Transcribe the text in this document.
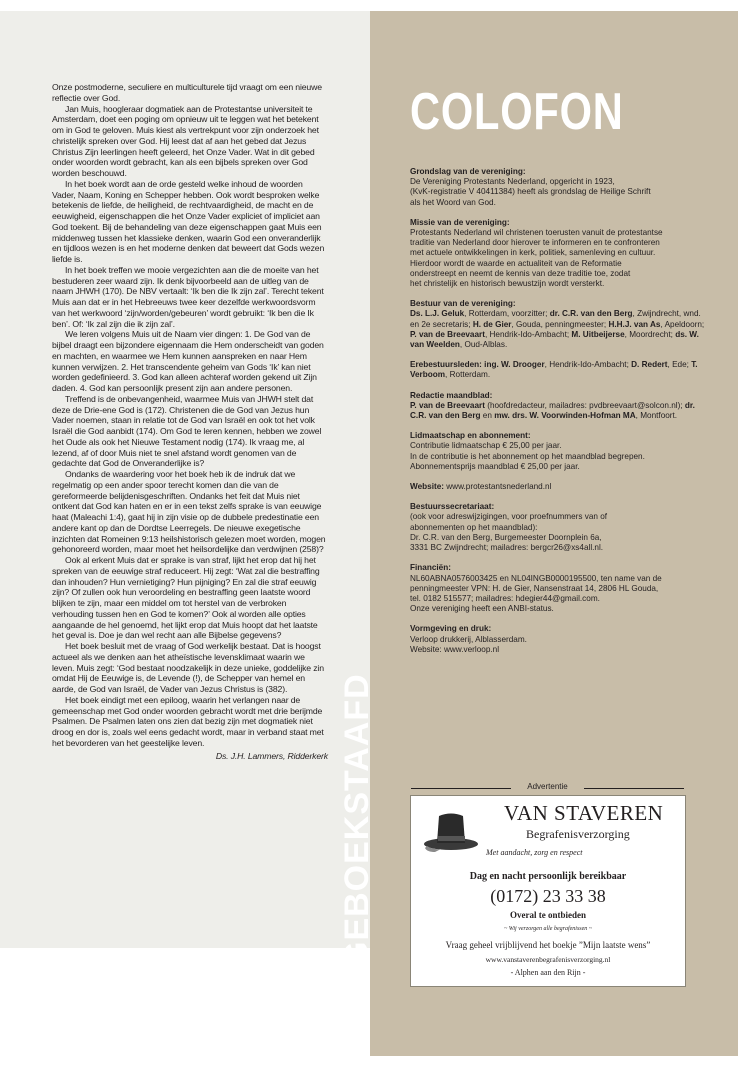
Onze postmoderne, seculiere en multiculturele tijd vraagt om een nieuwe reflectie over God.

Jan Muis, hoogleraar dogmatiek aan de Protestantse universiteit te Amsterdam, doet een poging om opnieuw uit te leggen wat het betekent om in God te geloven. Muis kiest als vertrekpunt voor zijn onderzoek het christelijk spreken over God. Hij leest dat af aan het gebed dat Jezus Christus Zijn leerlingen heeft geleerd, het Onze Vader. Wat in dit gebed onder woorden wordt gebracht, kan als een bijbels spreken over God worden beschouwd.

In het boek wordt aan de orde gesteld welke inhoud de woorden Vader, Naam, Koning en Schepper hebben. Ook wordt besproken welke betekenis de liefde, de heiligheid, de rechtvaardigheid, de macht en de eeuwigheid, eigenschappen die het Onze Vader expliciet of impliciet aan God toekent. Bij de behandeling van deze eigenschappen gaat Muis een middenweg tussen het klassieke denken, waarin God een onveranderlijk en tijdloos wezen is en het moderne denken dat beweert dat Gods wezen liefde is.

In het boek treffen we mooie vergezichten aan die de moeite van het bestuderen zeer waard zijn. Ik denk bijvoorbeeld aan de uitleg van de naam JHWH (170). De NBV vertaalt: ‘Ik ben die Ik zijn zal’. Terecht tekent Muis aan dat er in het Hebreeuws twee keer dezelfde werkwoordsvorm van het werkwoord ‘zijn/worden/gebeuren’ wordt gebruikt: ‘Ik ben die Ik ben’. Of: ‘Ik zal zijn die ik zijn zal’.

We leren volgens Muis uit de Naam vier dingen: 1. De God van de bijbel draagt een bijzondere eigennaam die Hem onderscheidt van goden en machten, en waarmee we Hem kunnen aanspreken en naar Hem kunnen verwijzen. 2. Het transcendente geheim van Gods ‘Ik’ kan niet worden gedefinieerd. 3. God kan alleen achteraf worden gekend uit Zijn daden. 4. God kan persoonlijk present zijn aan andere personen.

Treffend is de onbevangenheid, waarmee Muis van JHWH stelt dat deze de Drie-ene God is (172). Christenen die de God van Jezus hun Vader noemen, staan in relatie tot de God van Israël en ook tot het volk Israël die God aanbidt (174). Om God te leren kennen, hebben we zowel het Oude als ook het Nieuwe Testament nodig (174). Ik vraag me, al lezend, af of door Muis niet te snel afstand wordt genomen van de gedachte dat God de Onveranderlijke is?

Ondanks de waardering voor het boek heb ik de indruk dat we regelmatig op een ander spoor terecht komen dan die van de gereformeerde belijdenisgeschriften. Ondanks het feit dat Muis niet ontkent dat God kan haten en er in een tekst zelfs sprake is van eeuwige haat (Maleachi 1:4), gaat hij in zijn visie op de dubbele predestinatie een andere kant op dan de Dordtse Leerregels. De nieuwe exegetische inzichten dat Romeinen 9:13 heilshistorisch gelezen moet worden, mogen gehonoreerd worden, maar moet het heilsordelijke dan verdwijnen (258)?

Ook al erkent Muis dat er sprake is van straf, lijkt het erop dat hij het spreken van de eeuwige straf reduceert. Hij zegt: ‘Wat zal die bestraffing dan inhouden? Hun vernietiging? Hun pijniging? En zal die straf eeuwig zijn? Of zullen ook hun veroordeling en bestraffing geen laatste woord blijken te zijn, maar een middel om tot herstel van de verbroken verhouding tussen hen en God te komen?’ Ook al worden alle opties aangaande de hel genoemd, het lijkt erop dat Muis hoopt dat het laatste het geval is. Doe je dan wel recht aan alle Bijbelse gegevens?

Het boek besluit met de vraag of God werkelijk bestaat. Dat is hoogst actueel als we denken aan het atheïstische levensklimaat waarin we leven. Muis zegt: ‘God bestaat noodzakelijk in deze unieke, goddelijke zin omdat Hij de Eeuwige is, de Levende (!), de Schepper van hemel en aarde, de God van Israël, de Vader van Jezus Christus is (382).

Het boek eindigt met een epiloog, waarin het verlangen naar de gemeenschap met God onder woorden gebracht wordt met drie berijmde Psalmen. De Psalmen laten ons zien dat bezig zijn met dogmatiek niet droog en dor is, zoals wel eens gedacht wordt, maar in verband staat met het bevorderen van het geestelijke leven.

Ds. J.H. Lammers, Ridderkerk GEBOEKSTAAFD
COLOFON
Grondslag van de vereniging:
De Vereniging Protestants Nederland, opgericht in 1923,
(KvK-registratie V 40411384) heeft als grondslag de Heilige Schrift
als het Woord van God.
Missie van de vereniging:
Protestants Nederland wil christenen toerusten vanuit de protestantse
traditie van Nederland door hierover te informeren en te confronteren
met actuele ontwikkelingen in kerk, politiek, samenleving en cultuur.
Hierdoor wordt de waarde en actualiteit van de Reformatie
onderstreept en neemt de kennis van deze traditie toe, zodat
het christelijk en historisch bewustzijn wordt versterkt.
Bestuur van de vereniging:
Ds. L.J. Geluk, Rotterdam, voorzitter; dr. C.R. van den Berg, Zwijndrecht, wnd. en 2e secretaris; H. de Gier, Gouda, penningmeester; H.H.J. van As, Apeldoorn; P. van de Breevaart, Hendrik-Ido-Ambacht; M. Uitbeijerse, Moordrecht; ds. W. van Weelden, Oud-Alblas.
Erebestuursleden: ing. W. Drooger, Hendrik-Ido-Ambacht; D. Redert, Ede; T. Verboom, Rotterdam.
Redactie maandblad:
P. van de Breevaart (hoofdredacteur, mailadres: pvdbreevaart@solcon.nl); dr. C.R. van den Berg en mw. drs. W. Voorwinden-Hofman MA, Montfoort.
Lidmaatschap en abonnement:
Contributie lidmaatschap € 25,00 per jaar.
In de contributie is het abonnement op het maandblad begrepen.
Abonnementsprijs maandblad € 25,00 per jaar.
Website: www.protestantsnederland.nl
Bestuurssecretariaat:
(ook voor adreswijzigingen, voor proefnummers van of
abonnementen op het maandblad):
Dr. C.R. van den Berg, Burgemeester Doornplein 6a,
3331 BC Zwijndrecht; mailadres: bergcr26@xs4all.nl.
Financiën:
NL60ABNA0576003425 en NL04INGB0000195500, ten name van de
penningmeester VPN: H. de Gier, Nansenstraat 14, 2806 HL Gouda,
tel. 0182 515577; mailadres: hdegier44@gmail.com.
Onze vereniging heeft een ANBI-status.
Vormgeving en druk:
Verloop drukkerij, Alblasserdam.
Website: www.verloop.nl
Advertentie
VAN STAVEREN
Begrafenisverzorging
Met aandacht, zorg en respect
Dag en nacht persoonlijk bereikbaar
(0172) 23 33 38
Overal te ontbieden
~ Wij verzorgen alle begrafenissen ~
Vraag geheel vrijblijvend het boekje ”Mijn laatste wens”
www.vanstaverenbegrafenisverzorging.nl
- Alphen aan den Rijn -
